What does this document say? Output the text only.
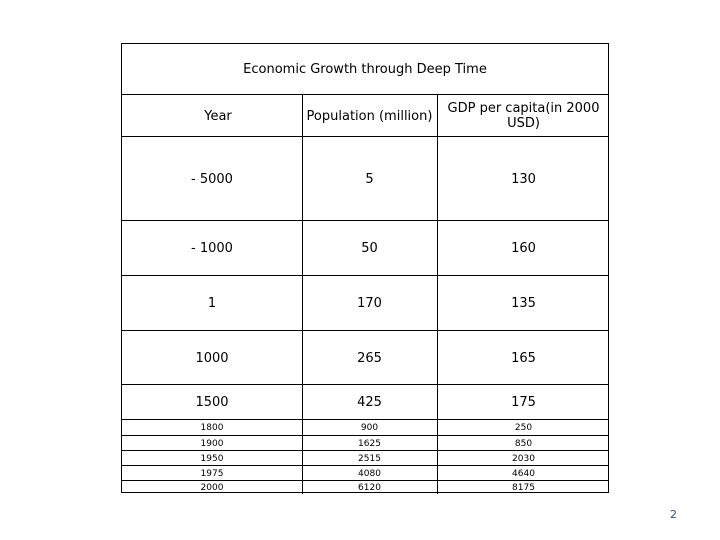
Economic Growth through Deep Time
Year	Population (million)	GDP per capita(in 2000 USD)
- 5000	5	130
- 1000	50	160
1	170	135
1000	265	165
1500	425	175
1800	900	250
1900	1625	850
1950	2515	2030
1975	4080	4640
2000	6120	8175
2
